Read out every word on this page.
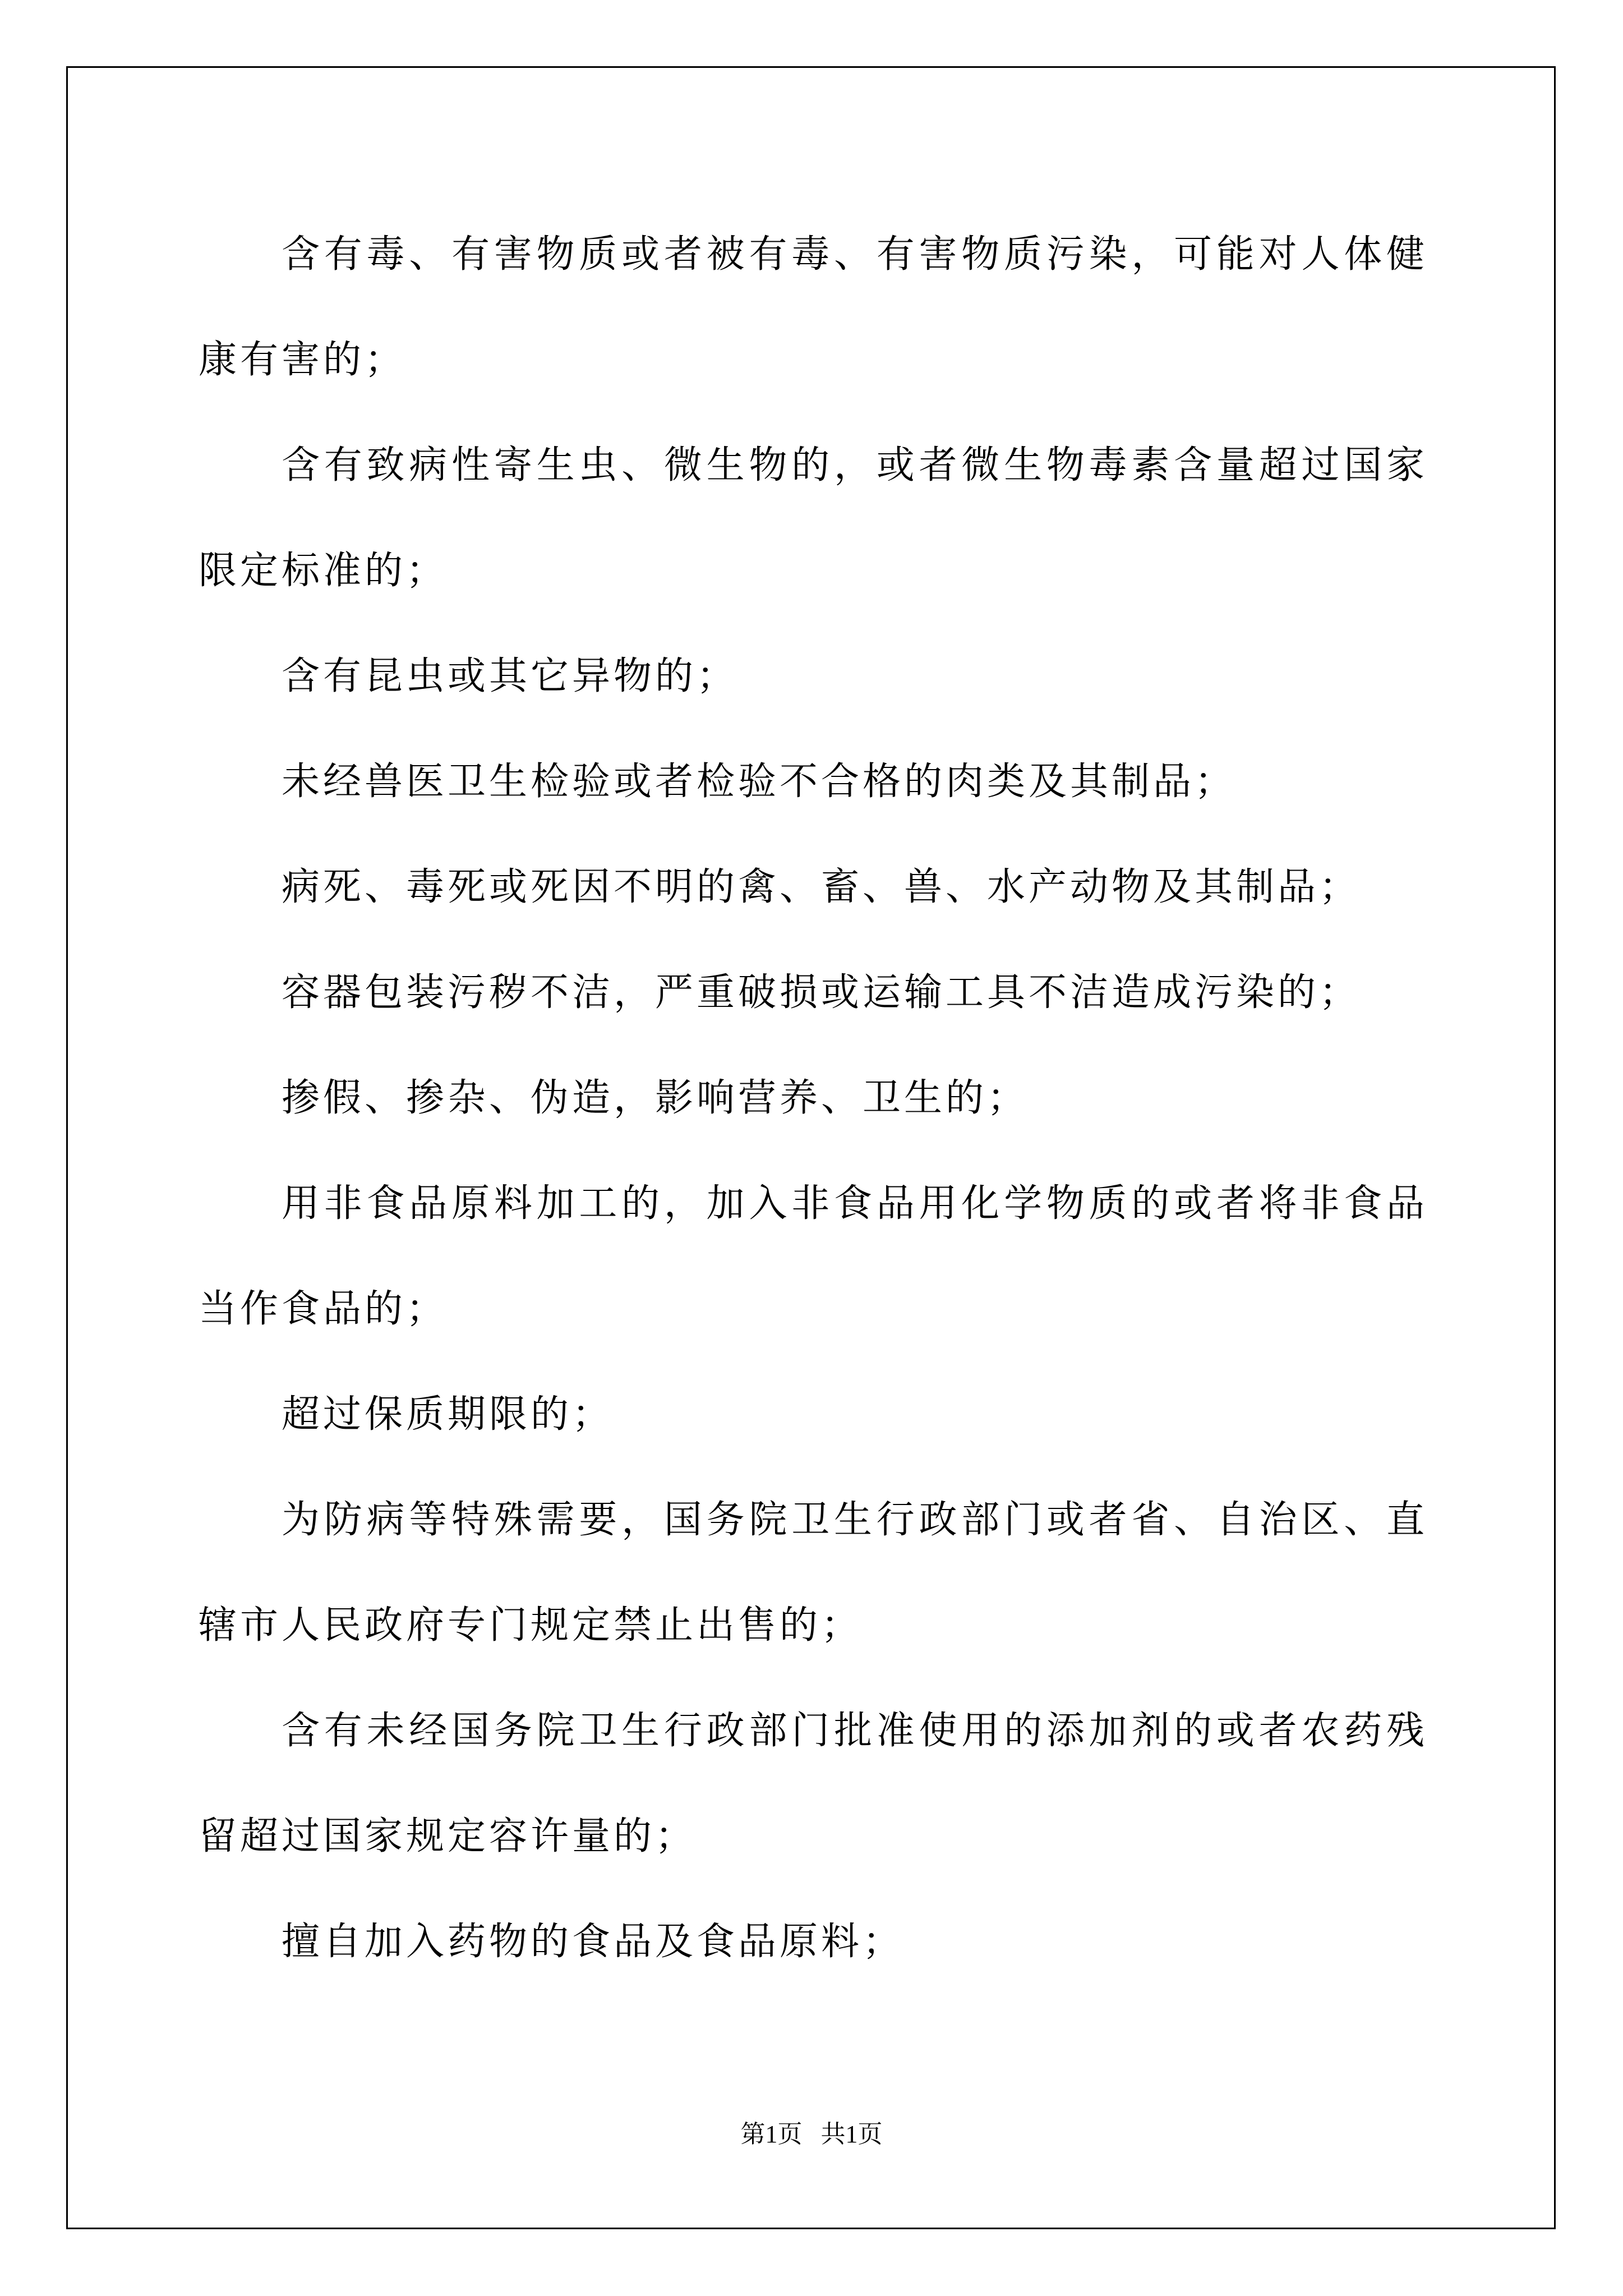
含有毒、有害物质或者被有毒、有害物质污染，可能对人体健康有害的；

含有致病性寄生虫、微生物的，或者微生物毒素含量超过国家限定标准的；

含有昆虫或其它异物的；

未经兽医卫生检验或者检验不合格的肉类及其制品；

病死、毒死或死因不明的禽、畜、兽、水产动物及其制品；

容器包装污秽不洁，严重破损或运输工具不洁造成污染的；

掺假、掺杂、伪造，影响营养、卫生的；

用非食品原料加工的，加入非食品用化学物质的或者将非食品当作食品的；

超过保质期限的；

为防病等特殊需要，国务院卫生行政部门或者省、自治区、直辖市人民政府专门规定禁止出售的；

含有未经国务院卫生行政部门批准使用的添加剂的或者农药残留超过国家规定容许量的；

擅自加入药物的食品及食品原料；

第1页 共1页
